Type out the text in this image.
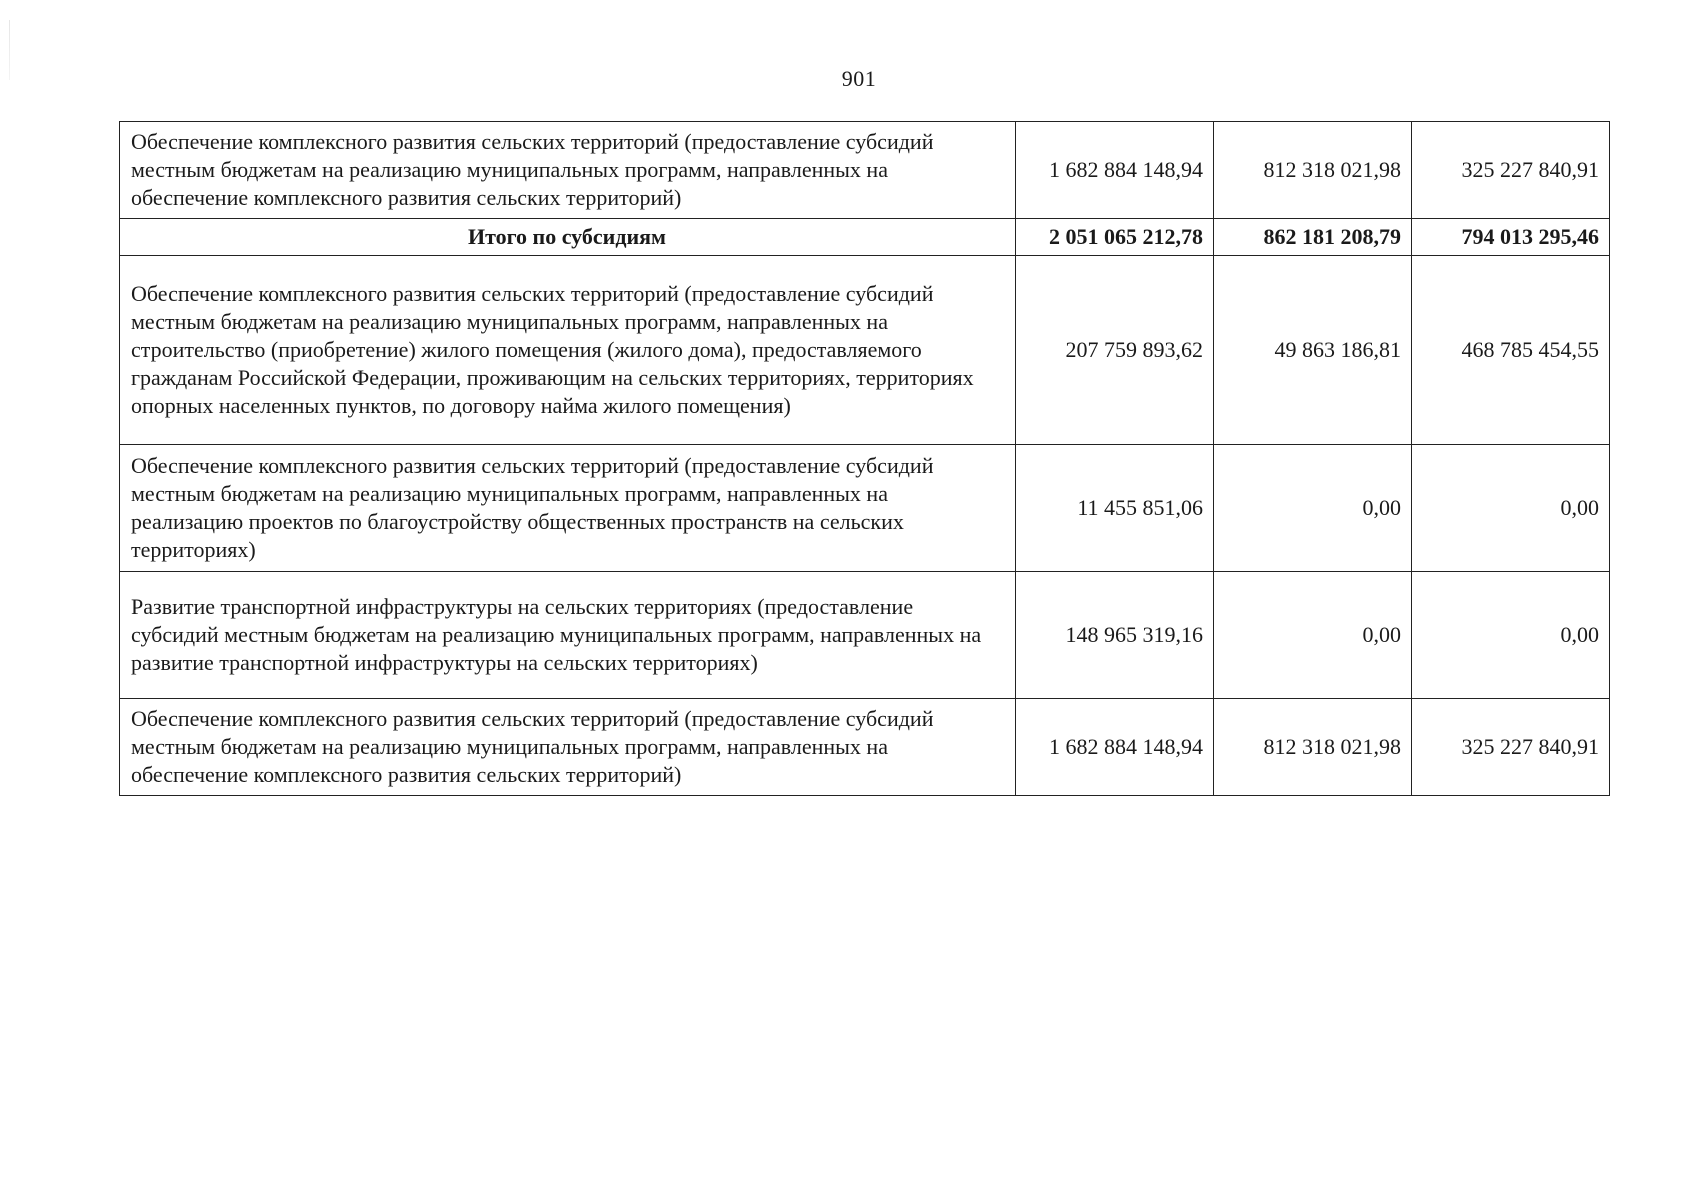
901
Обеспечение комплексного развития сельских территорий (предоставление субсидий местным бюджетам на реализацию муниципальных программ, направленных на обеспечение комплексного развития сельских территорий)	1 682 884 148,94	812 318 021,98	325 227 840,91
Итого по субсидиям	2 051 065 212,78	862 181 208,79	794 013 295,46
Обеспечение комплексного развития сельских территорий (предоставление субсидий местным бюджетам на реализацию муниципальных программ, направленных на строительство (приобретение) жилого помещения (жилого дома), предоставляемого гражданам Российской Федерации, проживающим на сельских территориях, территориях опорных населенных пунктов, по договору найма жилого помещения)	207 759 893,62	49 863 186,81	468 785 454,55
Обеспечение комплексного развития сельских территорий (предоставление субсидий местным бюджетам на реализацию муниципальных программ, направленных на реализацию проектов по благоустройству общественных пространств на сельских территориях)	11 455 851,06	0,00	0,00
Развитие транспортной инфраструктуры на сельских территориях (предоставление субсидий местным бюджетам на реализацию муниципальных программ, направленных на развитие транспортной инфраструктуры на сельских территориях)	148 965 319,16	0,00	0,00
Обеспечение комплексного развития сельских территорий (предоставление субсидий местным бюджетам на реализацию муниципальных программ, направленных на обеспечение комплексного развития сельских территорий)	1 682 884 148,94	812 318 021,98	325 227 840,91
